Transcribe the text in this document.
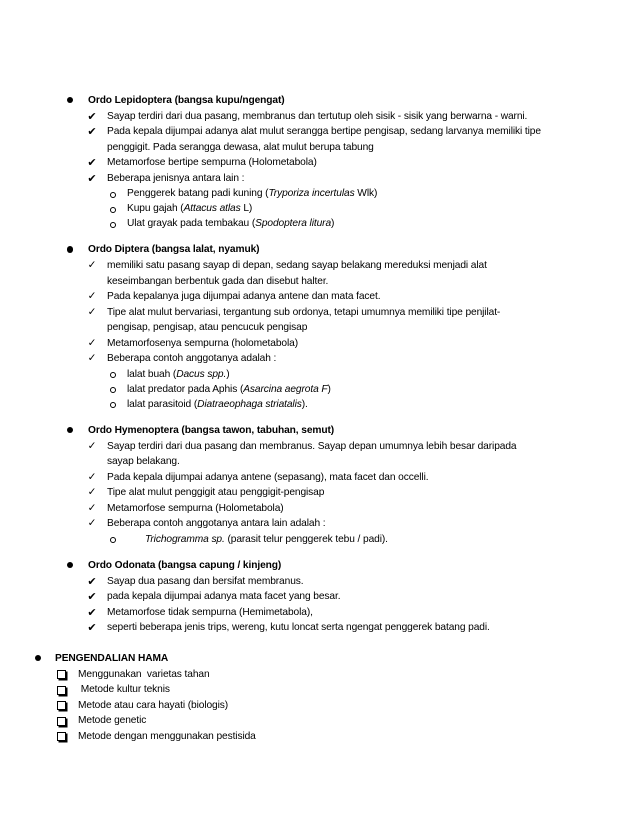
Ordo Lepidoptera (bangsa kupu/ngengat)
✔
Sayap terdiri dari dua pasang, membranus dan tertutup oleh sisik - sisik yang berwarna - warni.
✔
Pada kepala dijumpai adanya alat mulut serangga bertipe pengisap, sedang larvanya memiliki tipe
penggigit. Pada serangga dewasa, alat mulut berupa tabung
✔
Metamorfose bertipe sempurna (Holometabola)
✔
Beberapa jenisnya antara lain :
Penggerek batang padi kuning (Tryporiza incertulas Wlk)
Kupu gajah (Attacus atlas L)
Ulat grayak pada tembakau (Spodoptera litura)
Ordo Diptera (bangsa lalat, nyamuk)
✓
memiliki satu pasang sayap di depan, sedang sayap belakang mereduksi menjadi alat
keseimbangan berbentuk gada dan disebut halter.
✓
Pada kepalanya juga dijumpai adanya antene dan mata facet.
✓
Tipe alat mulut bervariasi, tergantung sub ordonya, tetapi umumnya memiliki tipe penjilat-
pengisap, pengisap, atau pencucuk pengisap
✓
Metamorfosenya sempurna (holometabola)
✓
Beberapa contoh anggotanya adalah :
lalat buah (Dacus spp.)
lalat predator pada Aphis (Asarcina aegrota F)
lalat parasitoid (Diatraeophaga striatalis).
Ordo Hymenoptera (bangsa tawon, tabuhan, semut)
✓
Sayap terdiri dari dua pasang dan membranus. Sayap depan umumnya lebih besar daripada
sayap belakang.
✓
Pada kepala dijumpai adanya antene (sepasang), mata facet dan occelli.
✓
Tipe alat mulut penggigit atau penggigit-pengisap
✓
Metamorfose sempurna (Holometabola)
✓
Beberapa contoh anggotanya antara lain adalah :
Trichogramma sp. (parasit telur penggerek tebu / padi).
Ordo Odonata (bangsa capung / kinjeng)
✔
Sayap dua pasang dan bersifat membranus.
✔
pada kepala dijumpai adanya mata facet yang besar.
✔
Metamorfose tidak sempurna (Hemimetabola),
✔
seperti beberapa jenis trips, wereng, kutu loncat serta ngengat penggerek batang padi.
PENGENDALIAN HAMA
Menggunakan  varietas tahan
Metode kultur teknis
Metode atau cara hayati (biologis)
Metode genetic
Metode dengan menggunakan pestisida
